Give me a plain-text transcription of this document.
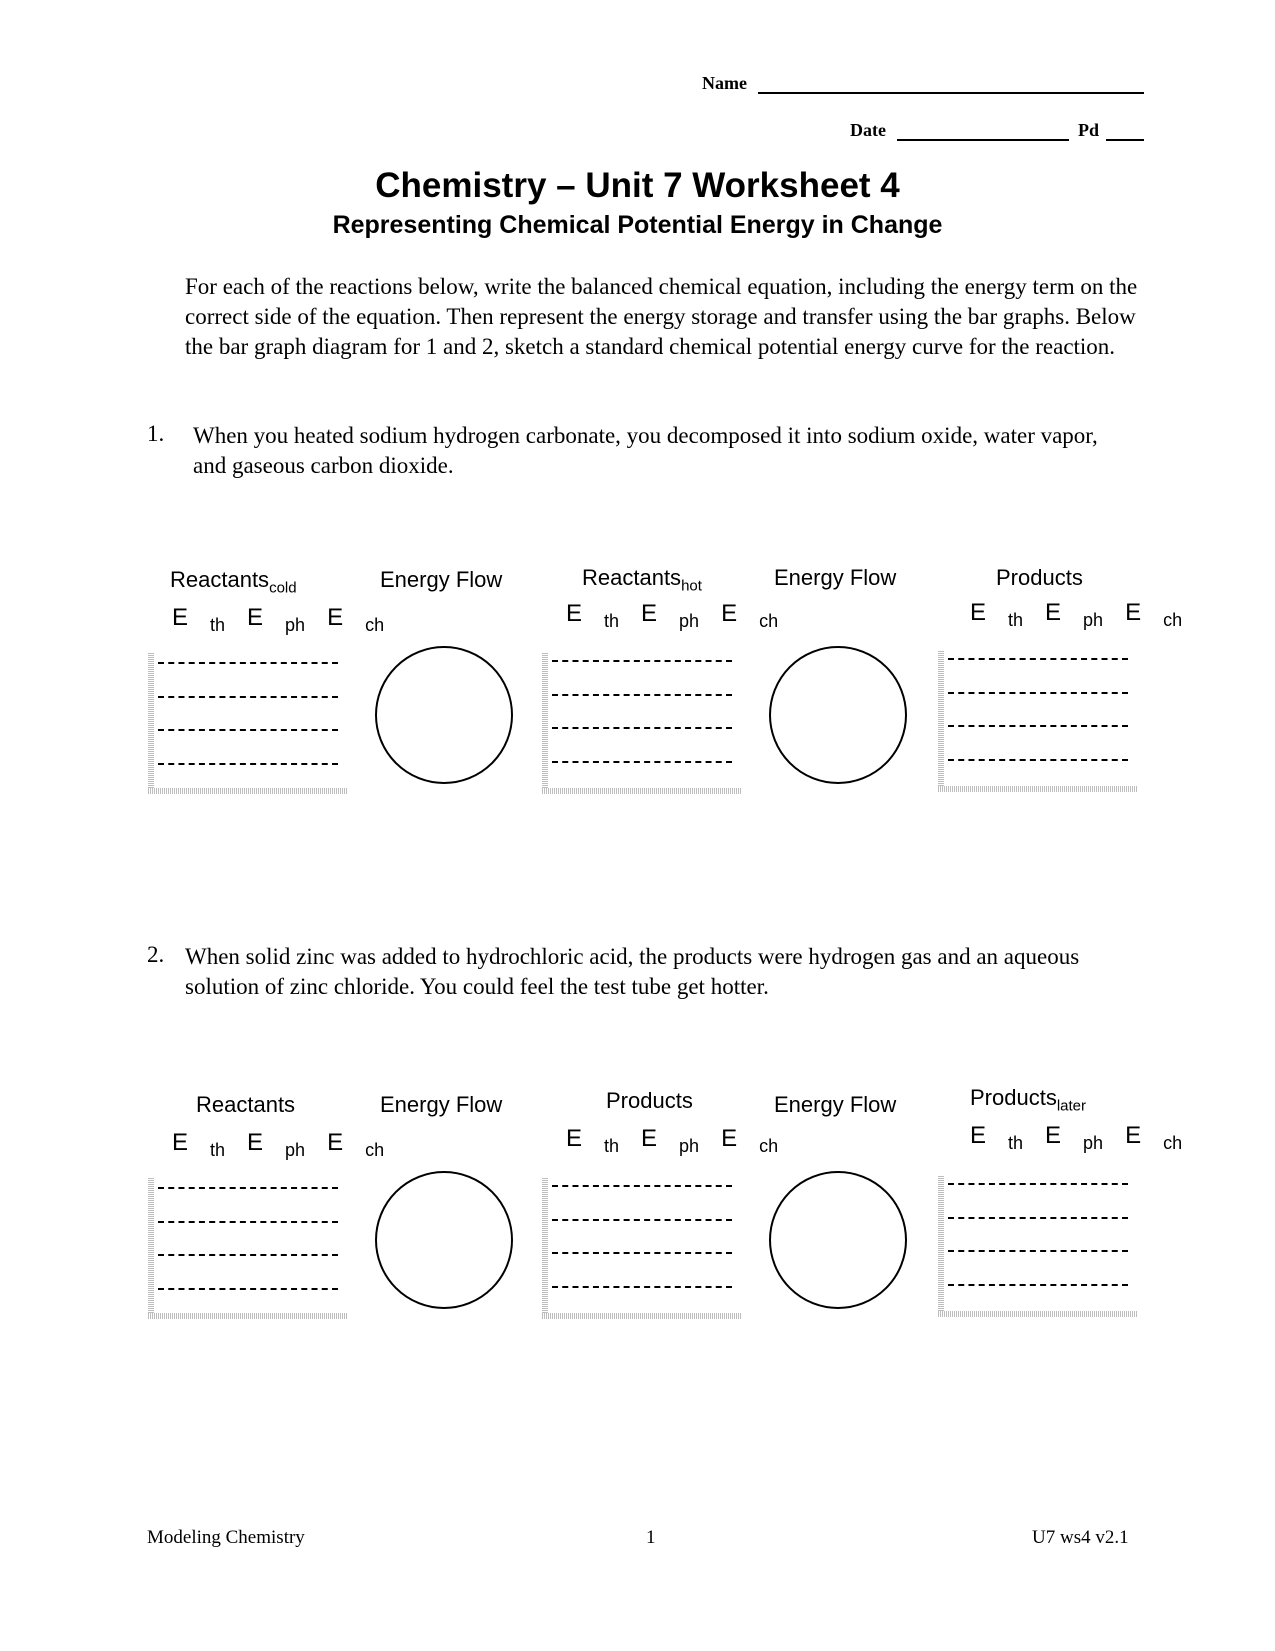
Name
Date	Pd
Chemistry – Unit 7 Worksheet 4
Representing Chemical Potential Energy in Change
For each of the reactions below, write the balanced chemical equation, including the energy term on the correct side of the equation. Then represent the energy storage and transfer using the bar graphs. Below the bar graph diagram for 1 and 2, sketch a standard chemical potential energy curve for the reaction.
1. When you heated sodium hydrogen carbonate, you decomposed it into sodium oxide, water vapor, and gaseous carbon dioxide.
Reactants$_{cold}$
E $_{th}$ E $_{ph}$ E $_{ch}$
Energy Flow	Reactants$_{hot}$
E $_{th}$ E $_{ph}$ E $_{ch}$
Energy Flow	Products
E $_{th}$ E $_{ph}$ E $_{ch}$
2. When solid zinc was added to hydrochloric acid, the products were hydrogen gas and an aqueous solution of zinc chloride. You could feel the test tube get hotter.
Reactants
E $_{th}$ E $_{ph}$ E $_{ch}$
Energy Flow	Products
E $_{th}$ E $_{ph}$ E $_{ch}$
Energy Flow	Products$_{later}$
E $_{th}$ E $_{ph}$ E $_{ch}$
Modeling Chemistry	1	U7 ws4 v2.1
